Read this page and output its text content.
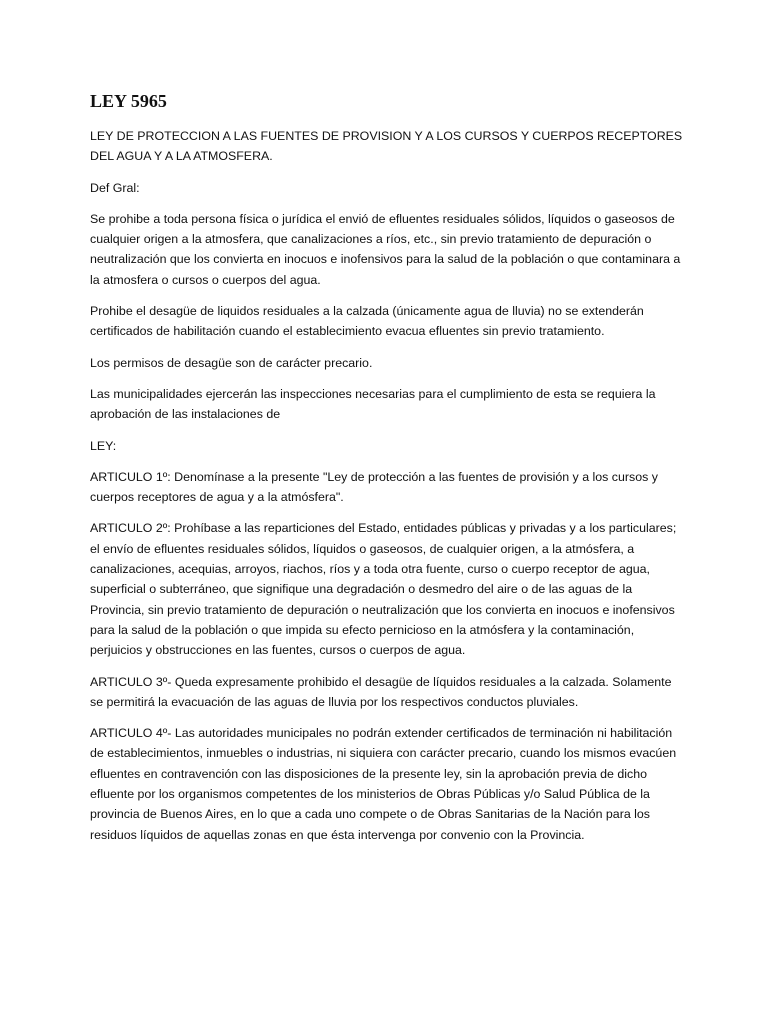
LEY 5965

LEY DE PROTECCION A LAS FUENTES DE PROVISION Y A LOS CURSOS Y CUERPOS RECEPTORES DEL AGUA Y A LA ATMOSFERA.

Def Gral:

Se prohibe a toda persona física o jurídica el envió de efluentes residuales sólidos, líquidos o gaseosos de cualquier origen a la atmosfera, que canalizaciones a ríos, etc., sin previo tratamiento de depuración o neutralización que los convierta en inocuos e inofensivos para la salud de la población o que contaminara a la atmosfera o cursos o cuerpos del agua.

Prohibe el desagüe de liquidos residuales a la calzada (únicamente agua de lluvia) no se extenderán certificados de habilitación cuando el establecimiento evacua efluentes sin previo tratamiento.

Los permisos de desagüe son de carácter precario.

Las municipalidades ejercerán las inspecciones necesarias para el cumplimiento de esta se requiera la aprobación de las instalaciones de

LEY:

ARTICULO 1º: Denomínase a la presente "Ley de protección a las fuentes de provisión y a los cursos y cuerpos receptores de agua y a la atmósfera".

ARTICULO 2º: Prohíbase a las reparticiones del Estado, entidades públicas y privadas y a los particulares; el envío de efluentes residuales sólidos, líquidos o gaseosos, de cualquier origen, a la atmósfera, a canalizaciones, acequias, arroyos, riachos, ríos y a toda otra fuente, curso o cuerpo receptor de agua, superficial o subterráneo, que signifique una degradación o desmedro del aire o de las aguas de la Provincia, sin previo tratamiento de depuración o neutralización que los convierta en inocuos e inofensivos para la salud de la población o que impida su efecto pernicioso en la atmósfera y la contaminación, perjuicios y obstrucciones en las fuentes, cursos o cuerpos de agua.

ARTICULO 3º- Queda expresamente prohibido el desagüe de líquidos residuales a la calzada. Solamente se permitirá la evacuación de las aguas de lluvia por los respectivos conductos pluviales.

ARTICULO 4º- Las autoridades municipales no podrán extender certificados de terminación ni habilitación de establecimientos, inmuebles o industrias, ni siquiera con carácter precario, cuando los mismos evacúen efluentes en contravención con las disposiciones de la presente ley, sin la aprobación previa de dicho efluente por los organismos competentes de los ministerios de Obras Públicas y/o Salud Pública de la provincia de Buenos Aires, en lo que a cada uno compete o de Obras Sanitarias de la Nación para los residuos líquidos de aquellas zonas en que ésta intervenga por convenio con la Provincia.
